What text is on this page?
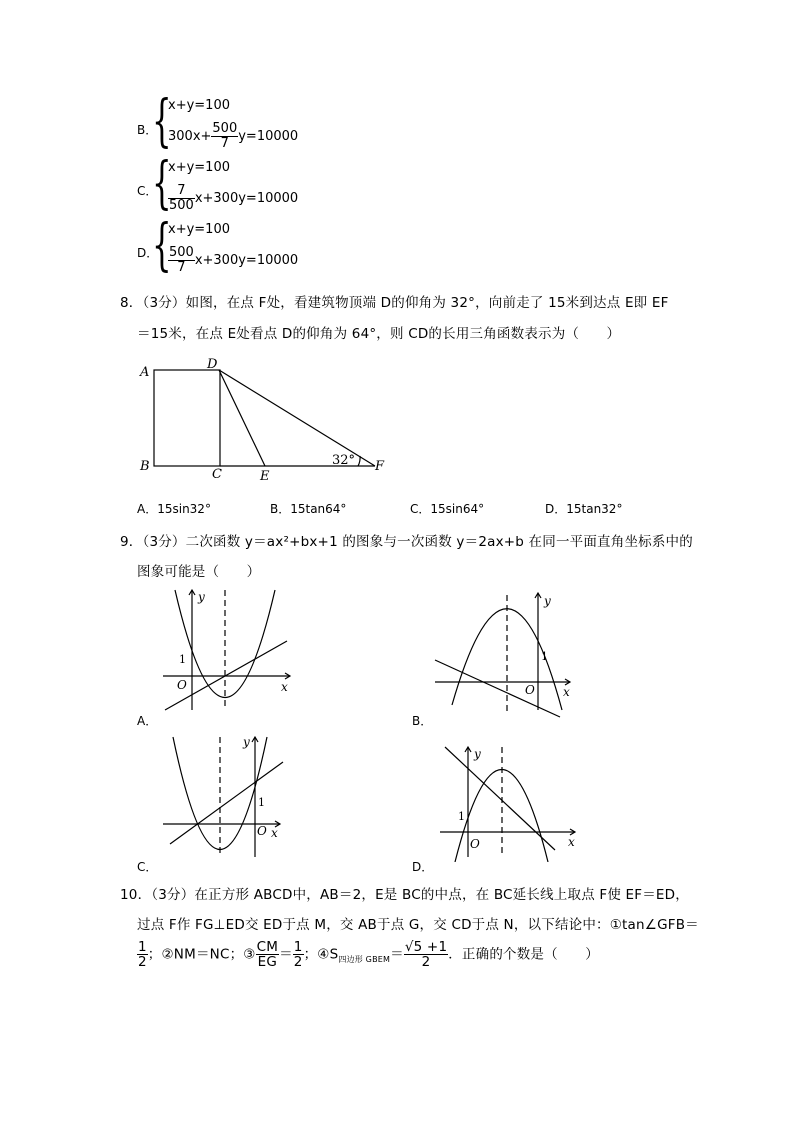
B．
{
x+y=100
$300x+ \frac{500}{7} y=10000$
C．
{
x+y=100
$\frac{7}{500} x+300y=10000$
D．
{
x+y=100
$\frac{500}{7} x+300y=10000$
8．（3分）如图，在点 F处，看建筑物顶端 D的仰角为 32°，向前走了 15米到达点 E即 EF
＝15米，在点 E处看点 D的仰角为 64°，则 CD的长用三角函数表示为（　　）
A
D
B
C	E
F
32°
A．15sin32°	B．15tan64°	C．15sin64°	D．15tan32°
9．（3分）二次函数 y＝ax²+bx+1 的图象与一次函数 y＝2ax+b 在同一平面直角坐标系中的
图象可能是（　　）
y
x
O
1
A．
y
x
O
1
B．
y
x
O
1
C．
y
x
O
1
D．
10．（3分）在正方形 ABCD中，AB＝2，E是 BC的中点，在 BC延长线上取点 F使 EF＝ED，
过点 F作 FG⊥ED交 ED于点 M，交 AB于点 G，交 CD于点 N，以下结论中：①tan∠GFB＝
$\frac{1}{2}$ ；②NM＝NC；③ $\frac{CM}{EG} = \frac{1}{2}$ ；$④S_{四边形 GBEM}= \frac{√5 +1}{2}$ ．正确的个数是（　　）
